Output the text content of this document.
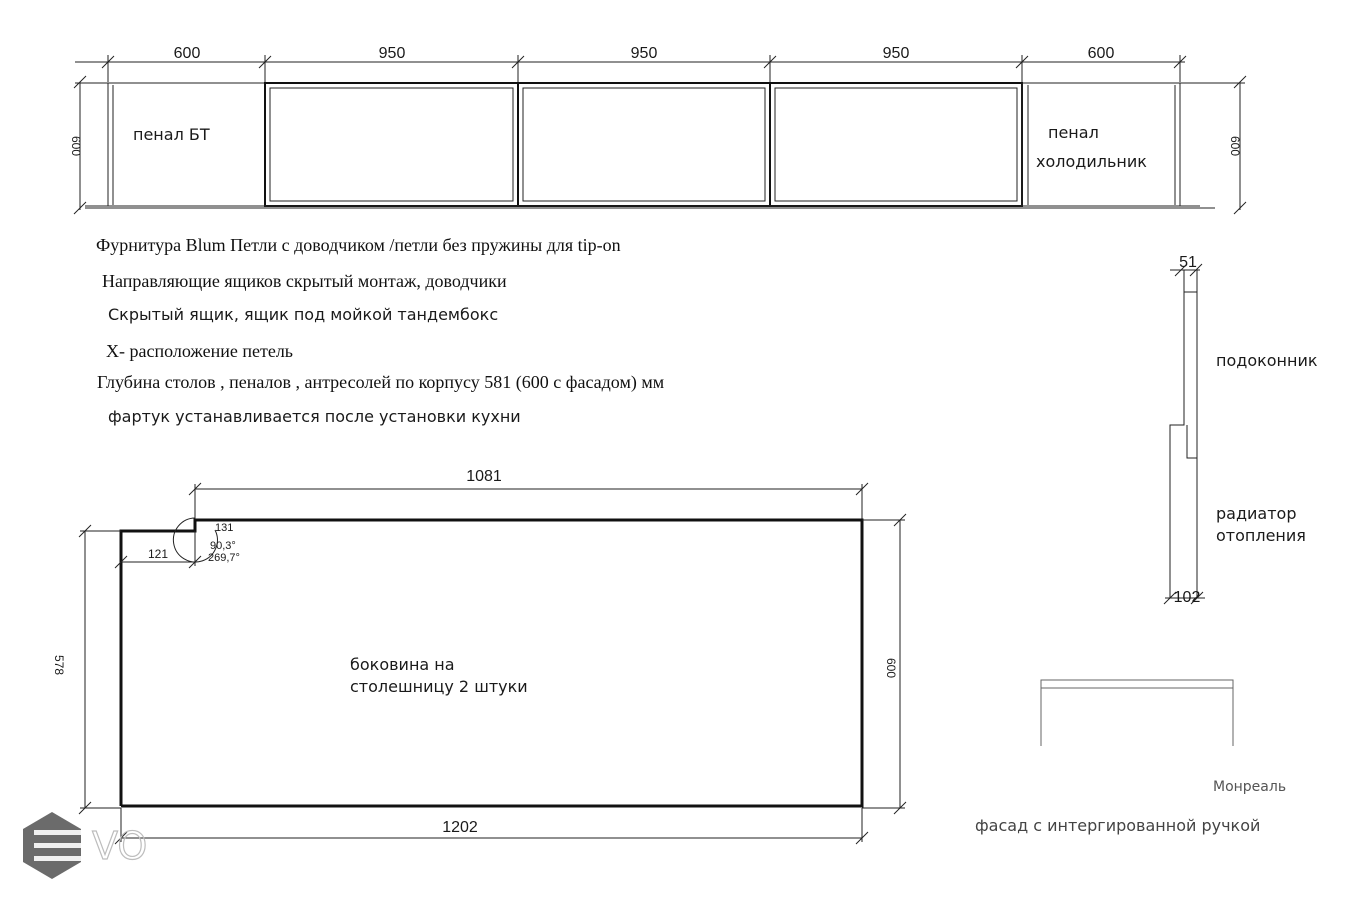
600	950	950	950	600
600	600
пенал БТ	пенал
холодильник
Фурнитура Blum Петли с доводчиком /петли без пружины для tip-on
Направляющие ящиков скрытый монтаж, доводчики
Скрытый ящик, ящик под мойкой тандембокс
Х- расположение петель
Глубина столов , пеналов , антресолей по корпусу 581 (600 с фасадом) мм
фартук устанавливается после установки кухни
1081
121
131
90,3°
269,7°
578	600
1202
боковина на
столешницу 2 штуки
51
102
подоконник
радиатор
отопления
Монреаль
фасад с интергированной ручкой
VO
